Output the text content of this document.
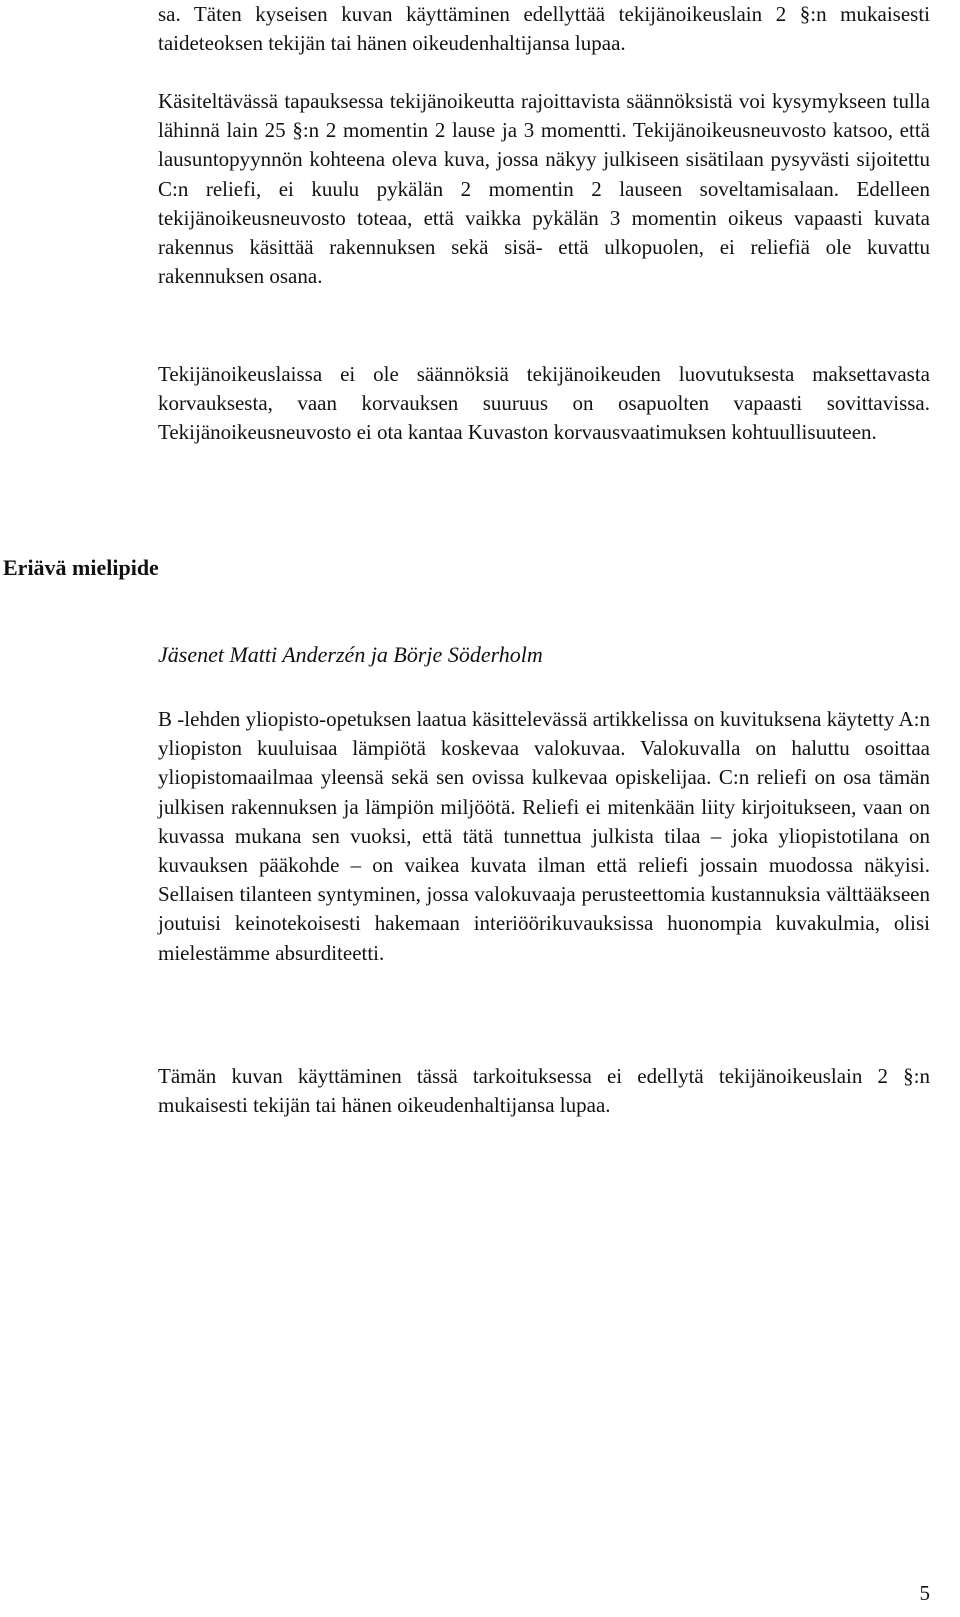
sa. Täten kyseisen kuvan käyttäminen edellyttää tekijänoikeuslain 2 §:n mukaisesti taideteoksen tekijän tai hänen oikeudenhaltijansa lupaa.

Käsiteltävässä tapauksessa tekijänoikeutta rajoittavista säännöksistä voi kysymykseen tulla lähinnä lain 25 §:n 2 momentin 2 lause ja 3 momentti. Tekijänoikeusneuvosto katsoo, että lausuntopyynnön kohteena oleva kuva, jossa näkyy julkiseen sisätilaan pysyvästi sijoitettu C:n reliefi, ei kuulu pykälän 2 momentin 2 lauseen soveltamisalaan. Edelleen tekijänoikeusneuvosto toteaa, että vaikka pykälän 3 momentin oikeus vapaasti kuvata rakennus käsittää rakennuksen sekä sisä- että ulkopuolen, ei reliefiä ole kuvattu rakennuksen osana.

Tekijänoikeuslaissa ei ole säännöksiä tekijänoikeuden luovutuksesta maksettavasta korvauksesta, vaan korvauksen suuruus on osapuolten vapaasti sovittavissa. Tekijänoikeusneuvosto ei ota kantaa Kuvaston korvausvaatimuksen kohtuullisuuteen.

Eriävä mielipide

Jäsenet Matti Anderzén ja Börje Söderholm

B -lehden yliopisto-opetuksen laatua käsittelevässä artikkelissa on kuvituksena käytetty A:n yliopiston kuuluisaa lämpiötä koskevaa valokuvaa. Valokuvalla on haluttu osoittaa yliopistomaailmaa yleensä sekä sen ovissa kulkevaa opiskelijaa. C:n reliefi on osa tämän julkisen rakennuksen ja lämpiön miljöötä. Reliefi ei mitenkään liity kirjoitukseen, vaan on kuvassa mukana sen vuoksi, että tätä tunnettua julkista tilaa – joka yliopistotilana on kuvauksen pääkohde – on vaikea kuvata ilman että reliefi jossain muodossa näkyisi. Sellaisen tilanteen syntyminen, jossa valokuvaaja perusteettomia kustannuksia välttääkseen joutuisi keinotekoisesti hakemaan interiöörikuvauksissa huonompia kuvakulmia, olisi mielestämme absurditeetti.

Tämän kuvan käyttäminen tässä tarkoituksessa ei edellytä tekijänoikeuslain 2 §:n mukaisesti tekijän tai hänen oikeudenhaltijansa lupaa.

5
